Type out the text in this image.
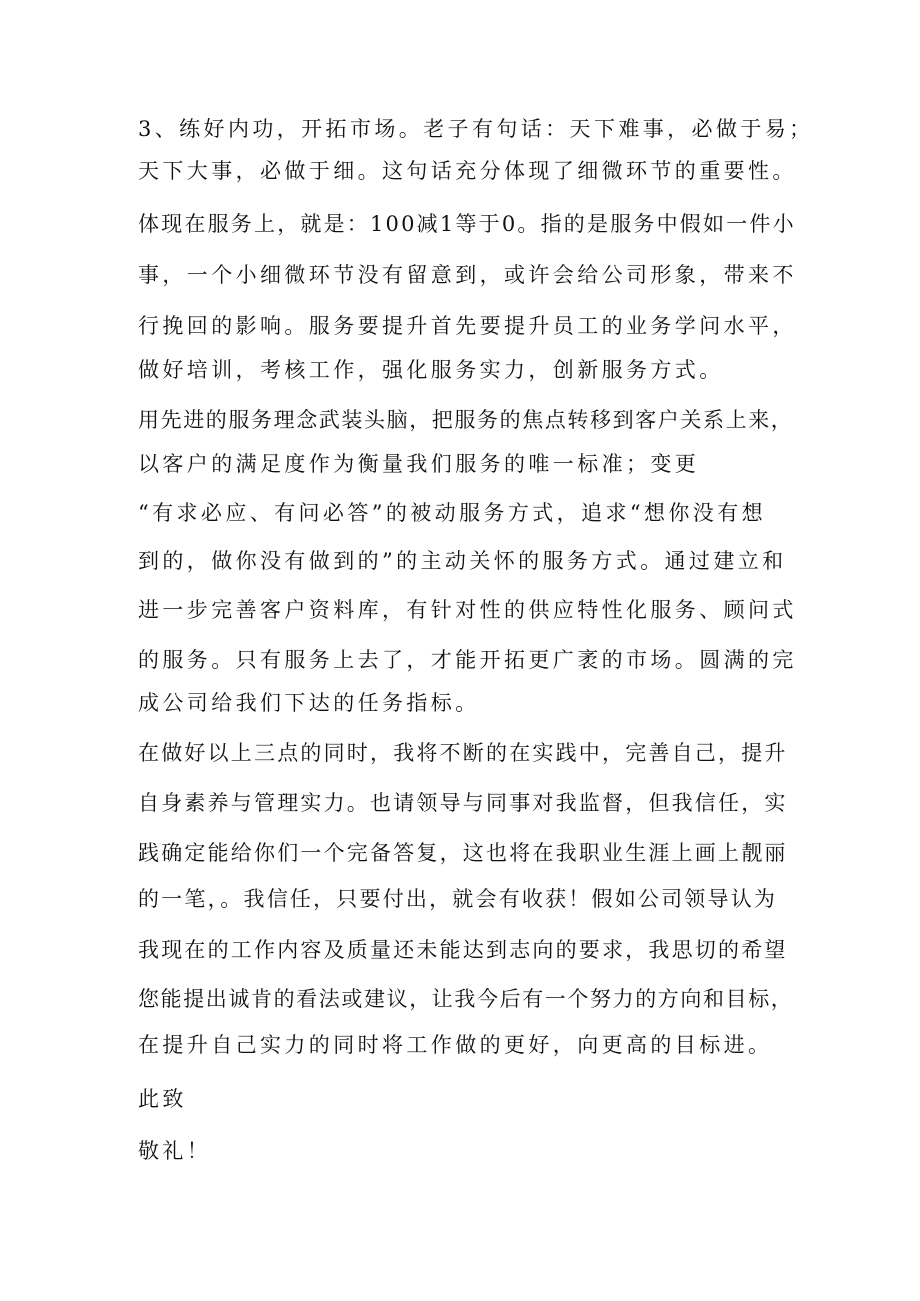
3、练好内功，开拓市场。老子有句话：天下难事，必做于易；
天下大事，必做于细。这句话充分体现了细微环节的重要性。
体现在服务上，就是：100减1等于0。指的是服务中假如一件小
事，一个小细微环节没有留意到，或许会给公司形象，带来不
行挽回的影响。服务要提升首先要提升员工的业务学问水平，
做好培训，考核工作，强化服务实力，创新服务方式。
用先进的服务理念武装头脑，把服务的焦点转移到客户关系上来，
以客户的满足度作为衡量我们服务的唯一标准；变更
“有求必应、有问必答”的被动服务方式，追求“想你没有想
到的，做你没有做到的”的主动关怀的服务方式。通过建立和
进一步完善客户资料库，有针对性的供应特性化服务、顾问式
的服务。只有服务上去了，才能开拓更广袤的市场。圆满的完
成公司给我们下达的任务指标。
在做好以上三点的同时，我将不断的在实践中，完善自己，提升
自身素养与管理实力。也请领导与同事对我监督，但我信任，实
践确定能给你们一个完备答复，这也将在我职业生涯上画上靓丽
的一笔，。我信任，只要付出，就会有收获！假如公司领导认为
我现在的工作内容及质量还未能达到志向的要求，我思切的希望
您能提出诚肯的看法或建议，让我今后有一个努力的方向和目标，
在提升自己实力的同时将工作做的更好，向更高的目标进。
此致
敬礼！
